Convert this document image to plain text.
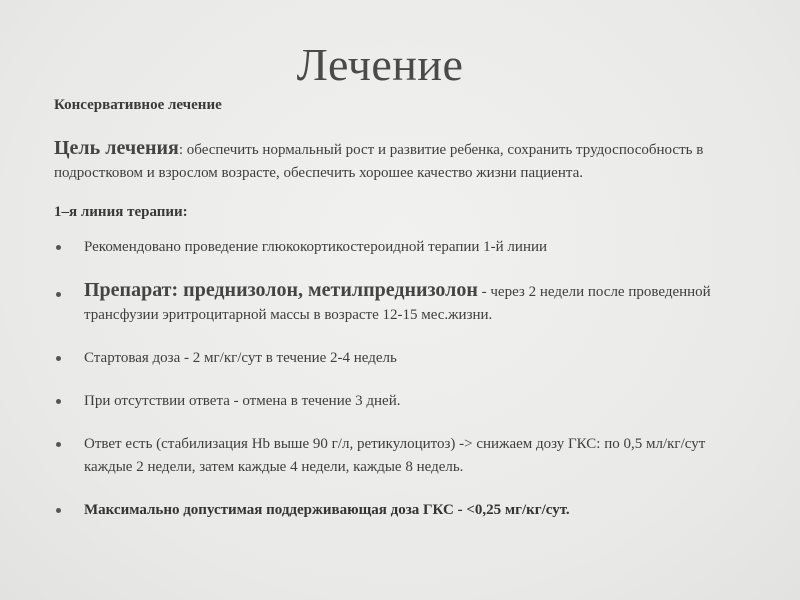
Лечение

Консервативное лечение

Цель лечения: обеспечить нормальный рост и развитие ребенка, сохранить трудоспособность в подростковом и взрослом возрасте, обеспечить хорошее качество жизни пациента.

1–я линия терапии:

Рекомендовано проведение глюкокортикостероидной терапии 1-й линии
Препарат: преднизолон, метилпреднизолон - через 2 недели после проведенной трансфузии эритроцитарной массы в возрасте 12-15 мес.жизни.
Стартовая доза - 2 мг/кг/сут в течение 2-4 недель
При отсутствии ответа - отмена в течение 3 дней.
Ответ есть (стабилизация Hb выше 90 г/л, ретикулоцитоз) -> снижаем дозу ГКС: по 0,5 мл/кг/сут каждые 2 недели, затем каждые 4 недели, каждые 8 недель.
Максимально допустимая поддерживающая доза ГКС - <0,25 мг/кг/сут.
